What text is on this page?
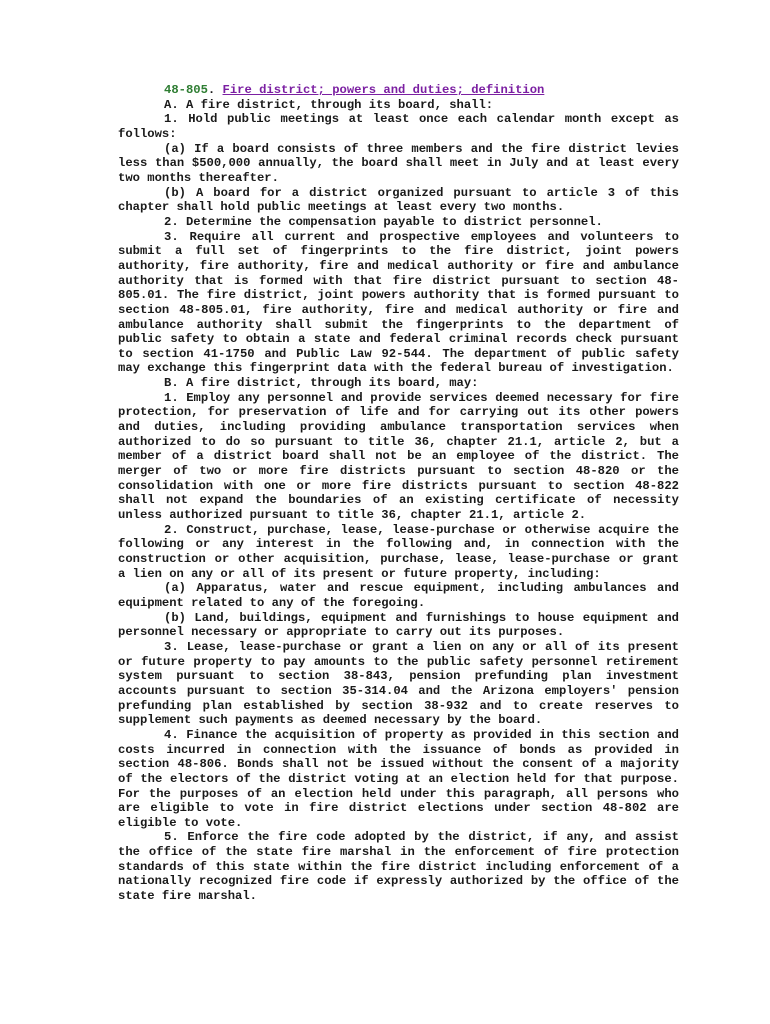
48-805. Fire district; powers and duties; definition

A. A fire district, through its board, shall:

1. Hold public meetings at least once each calendar month except as follows:

(a) If a board consists of three members and the fire district levies less than $500,000 annually, the board shall meet in July and at least every two months thereafter.

(b) A board for a district organized pursuant to article 3 of this chapter shall hold public meetings at least every two months.

2. Determine the compensation payable to district personnel.

3. Require all current and prospective employees and volunteers to submit a full set of fingerprints to the fire district, joint powers authority, fire authority, fire and medical authority or fire and ambulance authority that is formed with that fire district pursuant to section 48-805.01. The fire district, joint powers authority that is formed pursuant to section 48-805.01, fire authority, fire and medical authority or fire and ambulance authority shall submit the fingerprints to the department of public safety to obtain a state and federal criminal records check pursuant to section 41-1750 and Public Law 92-544. The department of public safety may exchange this fingerprint data with the federal bureau of investigation.

B. A fire district, through its board, may:

1. Employ any personnel and provide services deemed necessary for fire protection, for preservation of life and for carrying out its other powers and duties, including providing ambulance transportation services when authorized to do so pursuant to title 36, chapter 21.1, article 2, but a member of a district board shall not be an employee of the district. The merger of two or more fire districts pursuant to section 48-820 or the consolidation with one or more fire districts pursuant to section 48-822 shall not expand the boundaries of an existing certificate of necessity unless authorized pursuant to title 36, chapter 21.1, article 2.

2. Construct, purchase, lease, lease-purchase or otherwise acquire the following or any interest in the following and, in connection with the construction or other acquisition, purchase, lease, lease-purchase or grant a lien on any or all of its present or future property, including:

(a) Apparatus, water and rescue equipment, including ambulances and equipment related to any of the foregoing.

(b) Land, buildings, equipment and furnishings to house equipment and personnel necessary or appropriate to carry out its purposes.

3. Lease, lease-purchase or grant a lien on any or all of its present or future property to pay amounts to the public safety personnel retirement system pursuant to section 38-843, pension prefunding plan investment accounts pursuant to section 35-314.04 and the Arizona employers' pension prefunding plan established by section 38-932 and to create reserves to supplement such payments as deemed necessary by the board.

4. Finance the acquisition of property as provided in this section and costs incurred in connection with the issuance of bonds as provided in section 48-806. Bonds shall not be issued without the consent of a majority of the electors of the district voting at an election held for that purpose. For the purposes of an election held under this paragraph, all persons who are eligible to vote in fire district elections under section 48-802 are eligible to vote.

5. Enforce the fire code adopted by the district, if any, and assist the office of the state fire marshal in the enforcement of fire protection standards of this state within the fire district including enforcement of a nationally recognized fire code if expressly authorized by the office of the state fire marshal.
